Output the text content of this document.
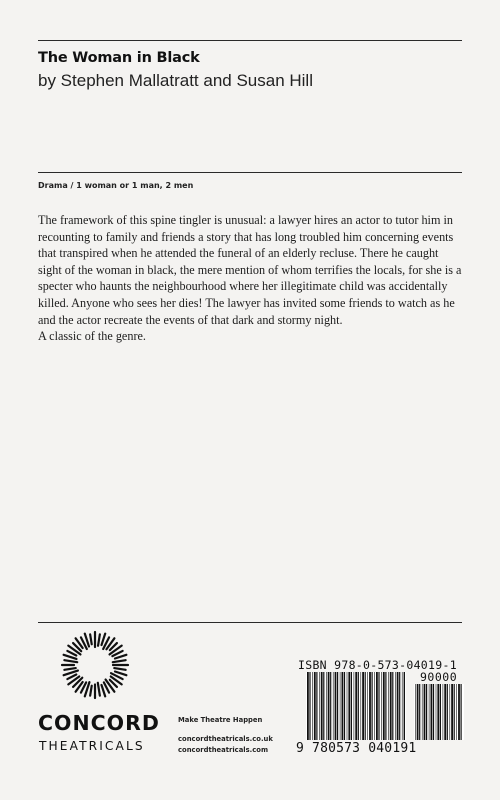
The Woman in Black
by Stephen Mallatratt and Susan Hill
Drama / 1 woman or 1 man, 2 men

The framework of this spine tingler is unusual: a lawyer hires an actor to tutor him in recounting to family and friends a story that has long troubled him concerning events that transpired when he attended the funeral of an elderly recluse. There he caught sight of the woman in black, the mere mention of whom terrifies the locals, for she is a specter who haunts the neighbourhood where her illegitimate child was accidentally killed. Anyone who sees her dies! The lawyer has invited some friends to watch as he and the actor recreate the events of that dark and stormy night.

A classic of the genre.

CONCORD
THEATRICALS
Make Theatre Happen
concordtheatricals.co.uk
concordtheatricals.com
ISBN 978-0-573-04019-1
90000
9 780573 040191
